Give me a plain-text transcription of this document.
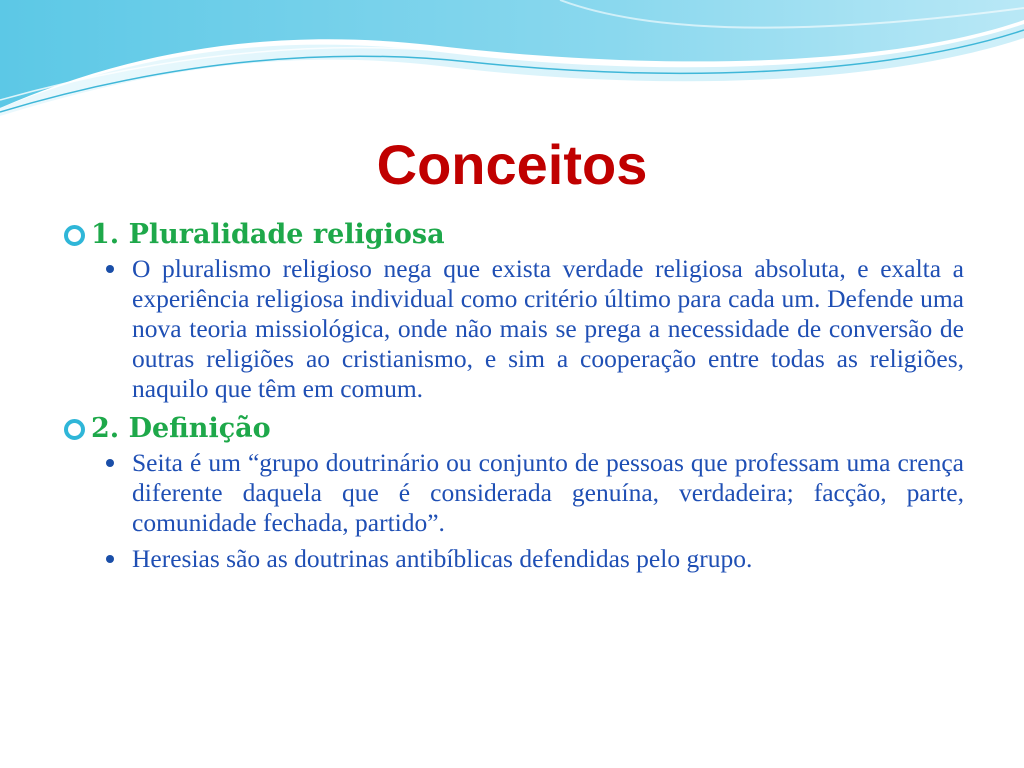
Conceitos
1. Pluralidade religiosa
O pluralismo religioso nega que exista verdade religiosa absoluta, e exalta a experiência religiosa individual como critério último para cada um. Defende uma nova teoria missiológica, onde não mais se prega a necessidade de conversão de outras religiões ao cristianismo, e sim a cooperação entre todas as religiões, naquilo que têm em comum.
2. Definição
Seita é um “grupo doutrinário ou conjunto de pessoas que professam uma crença diferente daquela que é considerada genuína, verdadeira; facção, parte, comunidade fechada, partido”.
Heresias são as doutrinas antibíblicas defendidas pelo grupo.
